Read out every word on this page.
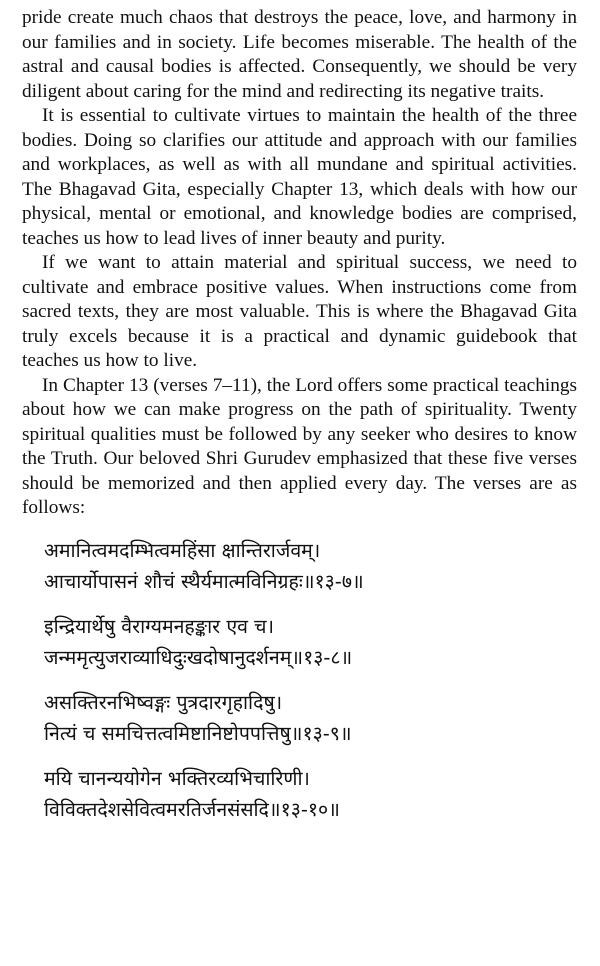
pride create much chaos that destroys the peace, love, and harmony in our families and in society. Life becomes miserable. The health of the astral and causal bodies is affected. Consequently, we should be very diligent about caring for the mind and redirecting its negative traits.

It is essential to cultivate virtues to maintain the health of the three bodies. Doing so clarifies our attitude and approach with our families and workplaces, as well as with all mundane and spiritual activities. The Bhagavad Gita, especially Chapter 13, which deals with how our physical, mental or emotional, and knowledge bodies are comprised, teaches us how to lead lives of inner beauty and purity.

If we want to attain material and spiritual success, we need to cultivate and embrace positive values. When instructions come from sacred texts, they are most valuable. This is where the Bhagavad Gita truly excels because it is a practical and dynamic guidebook that teaches us how to live.

In Chapter 13 (verses 7–11), the Lord offers some practical teachings about how we can make progress on the path of spirituality. Twenty spiritual qualities must be followed by any seeker who desires to know the Truth. Our beloved Shri Gurudev emphasized that these five verses should be memorized and then applied every day. The verses are as follows:

अमानित्वमदम्भित्वमहिंसा क्षान्तिरार्जवम्।
आचार्योपासनं शौचं स्थैर्यमात्मविनिग्रहः॥१३-७॥
इन्द्रियार्थेषु वैराग्यमनहङ्कार एव च।
जन्ममृत्युजराव्याधिदुःखदोषानुदर्शनम्॥१३-८॥
असक्तिरनभिष्वङ्गः पुत्रदारगृहादिषु।
नित्यं च समचित्तत्वमिष्टानिष्टोपपत्तिषु॥१३-९॥
मयि चानन्ययोगेन भक्तिरव्यभिचारिणी।
विविक्तदेशसेवित्वमरतिर्जनसंसदि॥१३-१०॥
